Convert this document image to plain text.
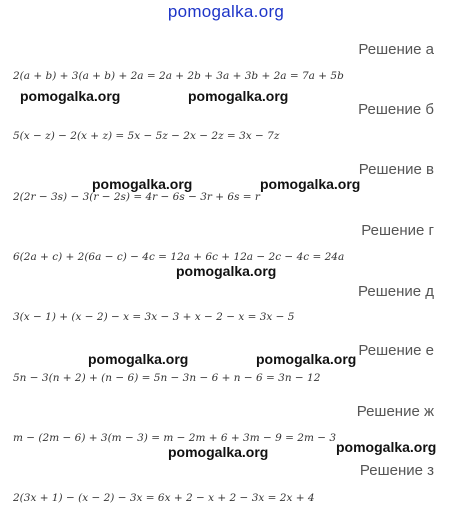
pomogalka.org
Решение а
2(a + b) + 3(a + b) + 2a = 2a + 2b + 3a + 3b + 2a = 7a + 5b
Решение б
5(x − z) − 2(x + z) = 5x − 5z − 2x − 2z = 3x − 7z
Решение в
2(2r − 3s) − 3(r − 2s) = 4r − 6s − 3r + 6s = r
Решение г
6(2a + c) + 2(6a − c) − 4c = 12a + 6c + 12a − 2c − 4c = 24a
Решение д
3(x − 1) + (x − 2) − x = 3x − 3 + x − 2 − x = 3x − 5
Решение е
5n − 3(n + 2) + (n − 6) = 5n − 3n − 6 + n − 6 = 3n − 12
Решение ж
m − (2m − 6) + 3(m − 3) = m − 2m + 6 + 3m − 9 = 2m − 3
Решение з
2(3x + 1) − (x − 2) − 3x = 6x + 2 − x + 2 − 3x = 2x + 4
pomogalka.org	pomogalka.org
pomogalka.org	pomogalka.org
pomogalka.org
pomogalka.org	pomogalka.org
pomogalka.org
pomogalka.org
